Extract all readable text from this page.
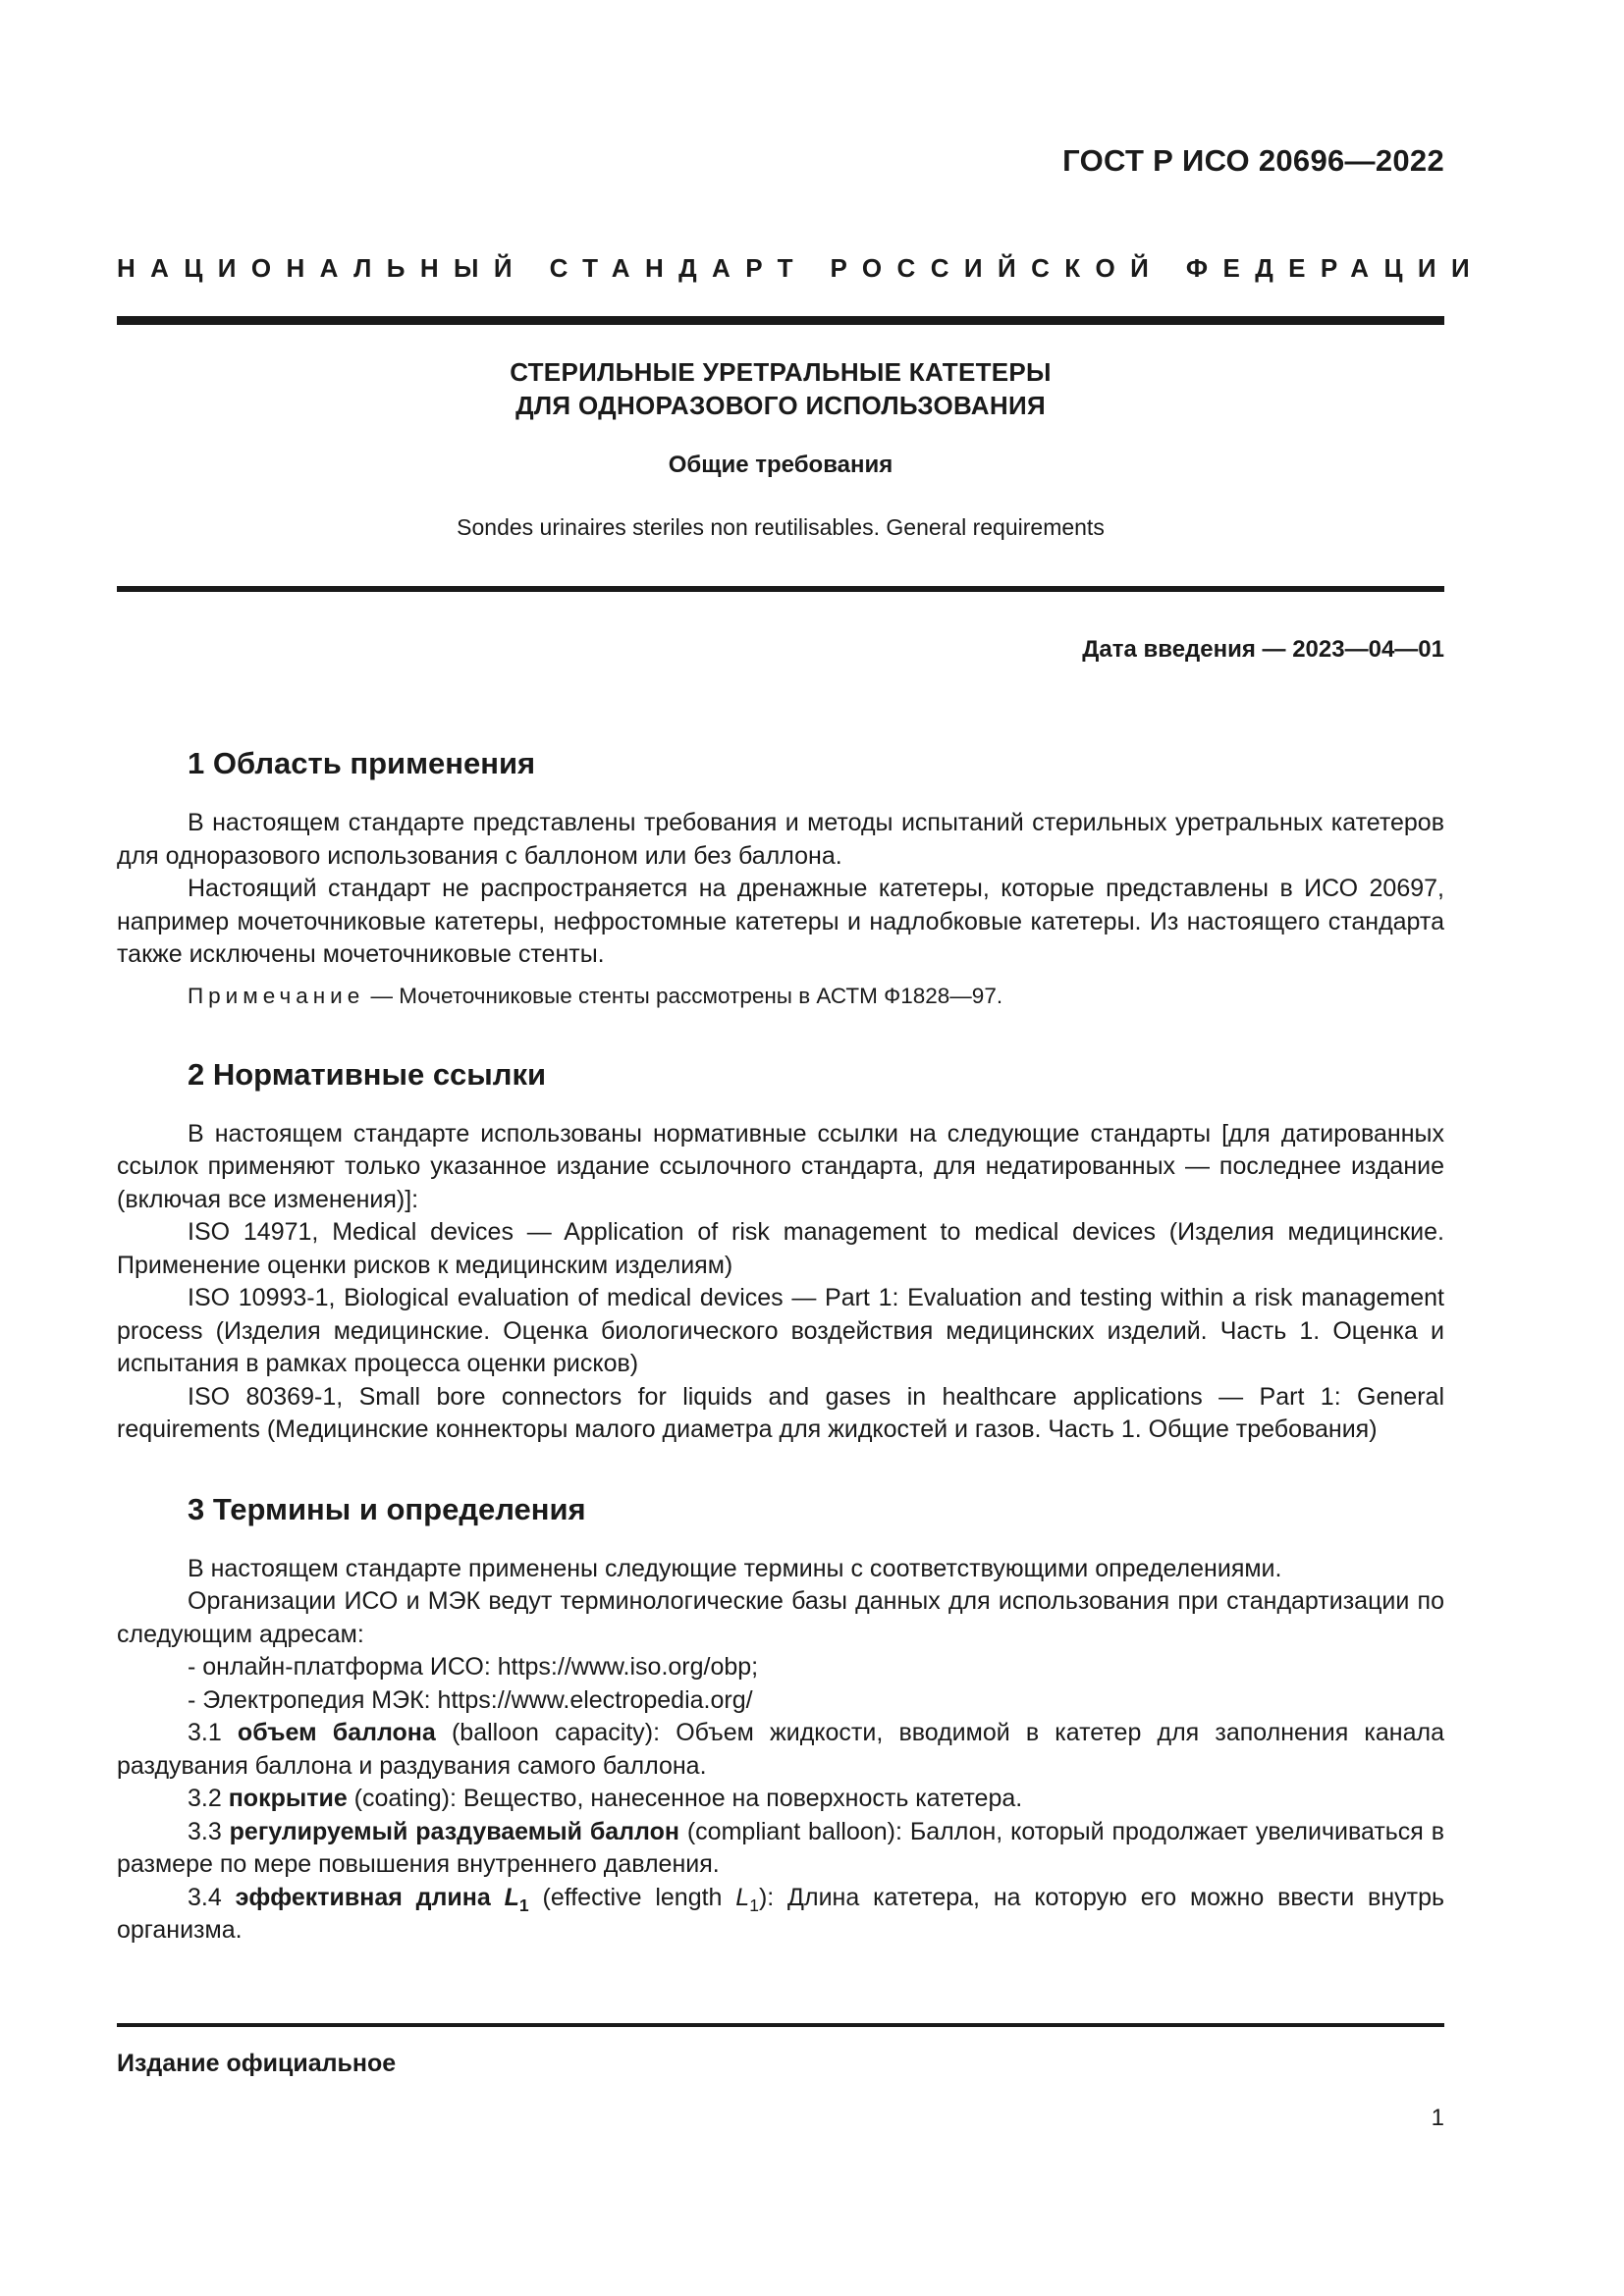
ГОСТ Р ИСО 20696—2022
НАЦИОНАЛЬНЫЙ СТАНДАРТ РОССИЙСКОЙ ФЕДЕРАЦИИ
СТЕРИЛЬНЫЕ УРЕТРАЛЬНЫЕ КАТЕТЕРЫ
ДЛЯ ОДНОРАЗОВОГО ИСПОЛЬЗОВАНИЯ
Общие требования
Sondes urinaires steriles non reutilisables. General requirements
Дата введения — 2023—04—01
1 Область применения

В настоящем стандарте представлены требования и методы испытаний стерильных уретральных катетеров для одноразового использования с баллоном или без баллона.

Настоящий стандарт не распространяется на дренажные катетеры, которые представлены в ИСО 20697, например мочеточниковые катетеры, нефростомные катетеры и надлобковые катетеры. Из настоящего стандарта также исключены мочеточниковые стенты.

Примечание — Мочеточниковые стенты рассмотрены в АСТМ Ф1828—97.
2 Нормативные ссылки

В настоящем стандарте использованы нормативные ссылки на следующие стандарты [для датированных ссылок применяют только указанное издание ссылочного стандарта, для недатированных — последнее издание (включая все изменения)]:

ISO 14971, Medical devices — Application of risk management to medical devices (Изделия медицинские. Применение оценки рисков к медицинским изделиям)

ISO 10993-1, Biological evaluation of medical devices — Part 1: Evaluation and testing within a risk management process (Изделия медицинские. Оценка биологического воздействия медицинских изделий. Часть 1. Оценка и испытания в рамках процесса оценки рисков)

ISO 80369-1, Small bore connectors for liquids and gases in healthcare applications — Part 1: General requirements (Медицинские коннекторы малого диаметра для жидкостей и газов. Часть 1. Общие требования)

3 Термины и определения

В настоящем стандарте применены следующие термины с соответствующими определениями.

Организации ИСО и МЭК ведут терминологические базы данных для использования при стандартизации по следующим адресам:

- онлайн-платформа ИСО: https://www.iso.org/obp;

- Электропедия МЭК: https://www.electropedia.org/

3.1 объем баллона (balloon capacity): Объем жидкости, вводимой в катетер для заполнения канала раздувания баллона и раздувания самого баллона.

3.2 покрытие (coating): Вещество, нанесенное на поверхность катетера.

3.3 регулируемый раздуваемый баллон (compliant balloon): Баллон, который продолжает увеличиваться в размере по мере повышения внутреннего давления.

3.4 эффективная длина $L_1$ (effective length $L_1$): Длина катетера, на которую его можно ввести внутрь организма.

Издание официальное
1
